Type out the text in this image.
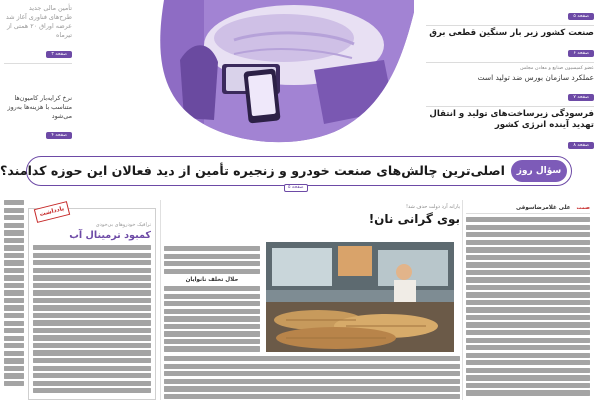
تأمین مالی جدید طرح‌های فناوری آغاز شد عرضه اوراق ۲۰ همتی از تیرماه
صفحه ۳
نرخ کرایه‌بار کامیون‌ها متناسب با هزینه‌ها به‌روز می‌شود
صفحه ۴
صفحه ۵
صنعت کشور زیر بار سنگین قطعی برق
صفحه ۶
عضو کمیسیون صنایع و معادن مجلس
عملکرد سازمان بورس ضد تولید است
صفحه ۷
فرسودگی زیرساخت‌های تولید و انتقال تهدید آینده انرژی کشور
صفحه ۸
سؤال روز
اصلی‌ترین چالش‌های صنعت خودرو و زنجیره تأمین از دید فعالان این حوزه کدامند؟
صفحه ۵
یادداشت
ترافیک خودروهای بی‌خودی
کمبود ترمینال آب
یارانه آرد دولت حذف شد!
بوی گرانی نان!
حلال تخلف نانوایان
صمت علی غلامرضاسوقی
